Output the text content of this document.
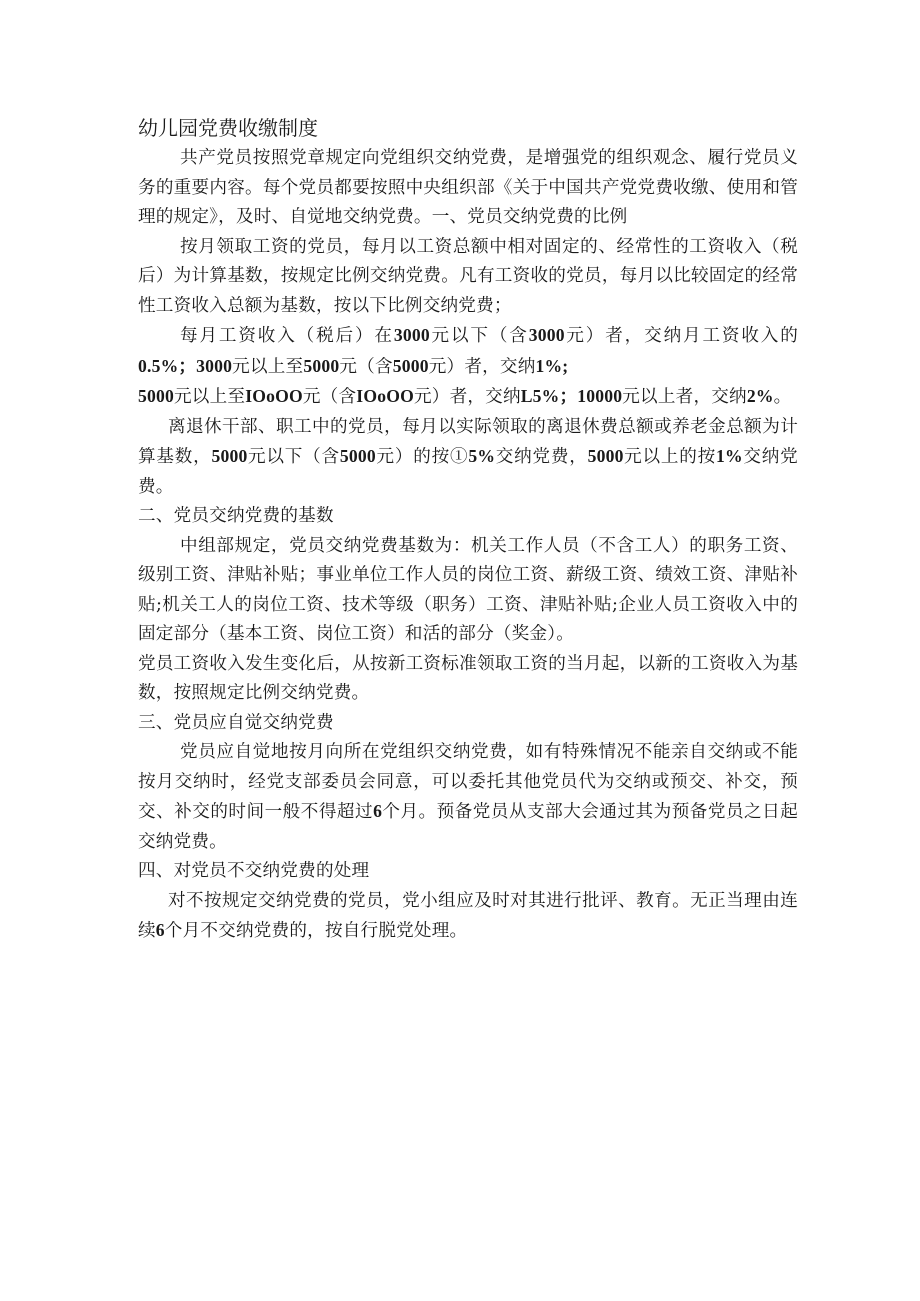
幼儿园党费收缴制度

共产党员按照党章规定向党组织交纳党费，是增强党的组织观念、履行党员义务的重要内容。每个党员都要按照中央组织部《关于中国共产党党费收缴、使用和管理的规定》，及时、自觉地交纳党费。一、党员交纳党费的比例

按月领取工资的党员，每月以工资总额中相对固定的、经常性的工资收入（税后）为计算基数，按规定比例交纳党费。凡有工资收的党员，每月以比较固定的经常性工资收入总额为基数，按以下比例交纳党费；

每月工资收入（税后）在3000元以下（含3000元）者，交纳月工资收入的0.5%；3000元以上至5000元（含5000元）者，交纳1%;
5000元以上至IOoOO元（含IOoOO元）者，交纳L5%；10000元以上者，交纳2%。

离退休干部、职工中的党员，每月以实际领取的离退休费总额或养老金总额为计算基数，5000元以下（含5000元）的按①5%交纳党费，5000元以上的按1%交纳党费。

二、党员交纳党费的基数

中组部规定，党员交纳党费基数为：机关工作人员（不含工人）的职务工资、级别工资、津贴补贴；事业单位工作人员的岗位工资、薪级工资、绩效工资、津贴补贴;机关工人的岗位工资、技术等级（职务）工资、津贴补贴;企业人员工资收入中的固定部分（基本工资、岗位工资）和活的部分（奖金）。

党员工资收入发生变化后，从按新工资标准领取工资的当月起，以新的工资收入为基数，按照规定比例交纳党费。

三、党员应自觉交纳党费

党员应自觉地按月向所在党组织交纳党费，如有特殊情况不能亲自交纳或不能按月交纳时，经党支部委员会同意，可以委托其他党员代为交纳或预交、补交，预交、补交的时间一般不得超过6个月。预备党员从支部大会通过其为预备党员之日起交纳党费。

四、对党员不交纳党费的处理

对不按规定交纳党费的党员，党小组应及时对其进行批评、教育。无正当理由连续6个月不交纳党费的，按自行脱党处理。
